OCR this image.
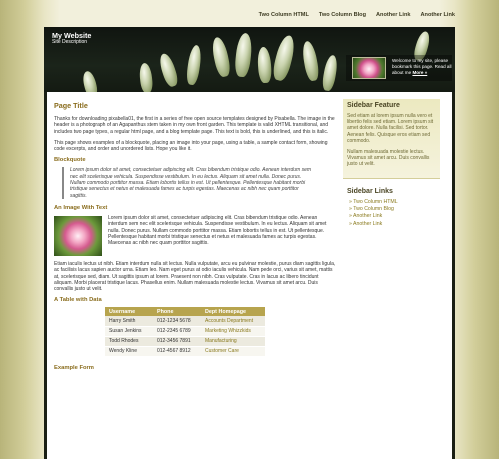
Two Column HTML Two Column Blog Another Link Another Link
My Website
Site Description
Welcome to my site, please bookmark this page. Read all about me More »
Page Title

Thanks for downloading pixabella01, the first in a series of free open source templates designed by Pixabella. The image in the header is a photograph of an Agapanthus stem taken in my own front garden. This template is valid XHTML transitional, and includes two page types, a regular html page, and a blog template page. This text is bold, this is underlined, and this is italic.

This page shows examples of a blockquote, placing an image into your page, using a table, a sample contact form, showing code excerpts, and order and unordered lists. Hope you like it.

Blockquote
Lorem ipsum dolor sit amet, consectetuer adipiscing elit. Cras bibendum tristique odio. Aenean interdum sem nec elit scelerisque vehicula. Suspendisse vestibulum. In eu lectus. Aliquam sit amet nulla. Donec purus. Nullam commodo porttitor massa. Etiam lobortis tellus in est. Ut pellentesque. Pellentesque habitant morbi tristique senectus et netus et malesuada fames ac turpis egestas. Maecenas ac nibh nec quam porttitor sagittis.
An Image With Text

Lorem ipsum dolor sit amet, consectetuer adipiscing elit. Cras bibendum tristique odio. Aenean interdum sem nec elit scelerisque vehicula. Suspendisse vestibulum. In eu lectus. Aliquam sit amet nulla. Donec purus. Nullam commodo porttitor massa. Etiam lobortis tellus in est. Ut pellentesque. Pellentesque habitant morbi tristique senectus et netus et malesuada fames ac turpis egestas. Maecenas ac nibh nec quam porttitor sagittis.

Etiam iaculis lectus ut nibh. Etiam interdum nulla sit lectus. Nulla vulputate, arcu eu pulvinar molestie, purus diam sagittis ligula, ac facilisis lacus sapien auctor urna. Etiam leo. Nam eget purus at odio iaculis vehicula. Nam pede orci, varius sit amet, mattis at, scelerisque sed, diam. Ut sagittis ipsum at lorem. Praesent non nibh. Cras vulputate. Cras in lacus ac libero tincidunt aliquam. Morbi placerat tristique lacus. Phasellus enim. Nullam malesuada molestie lectus. Vivamus sit amet arcu. Duis convallis justo ut velit.

A Table with Data
Username	Phone	Dept Homepage
Harry Smith	012-1234 5678	Accounts Department
Susan Jenkins	012-2345 6789	Marketing Whizzkids
Todd Rhodes	012-3456 7891	Manufacturing
Wendy Kline	012-4567 8912	Customer Care
Example Form
Sidebar Feature

Sed etiam at lorem ipsum nulla vero et libertio felis sed etiam. Lorem ipsum sit amet dolore. Nulla facilisi. Sed tortor. Aenean felis. Quisque eros etiam sed commodo.

Nullam malesuada molestie lectus. Vivamus sit amet arcu. Duis convallis justo ut velit.

Sidebar Links
» Two Column HTML
» Two Column Blog
» Another Link
» Another Link
